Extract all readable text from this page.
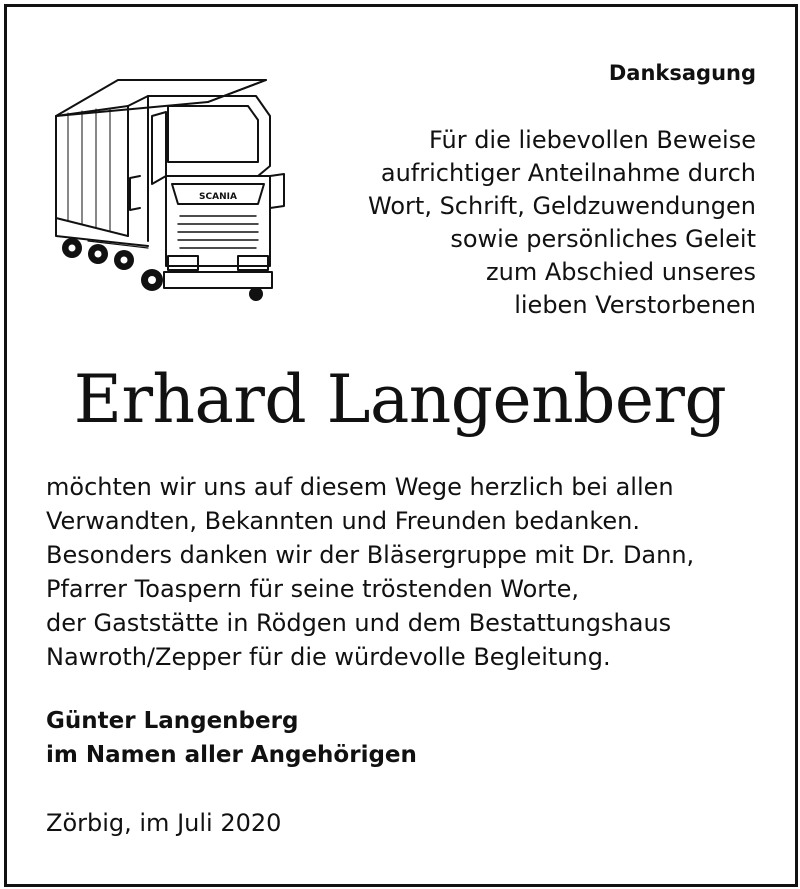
SCANIA
Danksagung
Für die liebevollen Beweise
aufrichtiger Anteilnahme durch
Wort, Schrift, Geldzuwendungen
sowie persönliches Geleit
zum Abschied unseres
lieben Verstorbenen
Erhard Langenberg
möchten wir uns auf diesem Wege herzlich bei allen
Verwandten, Bekannten und Freunden bedanken.
Besonders danken wir der Bläsergruppe mit Dr. Dann,
Pfarrer Toaspern für seine tröstenden Worte,
der Gaststätte in Rödgen und dem Bestattungshaus
Nawroth/Zepper für die würdevolle Begleitung.
Günter Langenberg
im Namen aller Angehörigen
Zörbig, im Juli 2020
